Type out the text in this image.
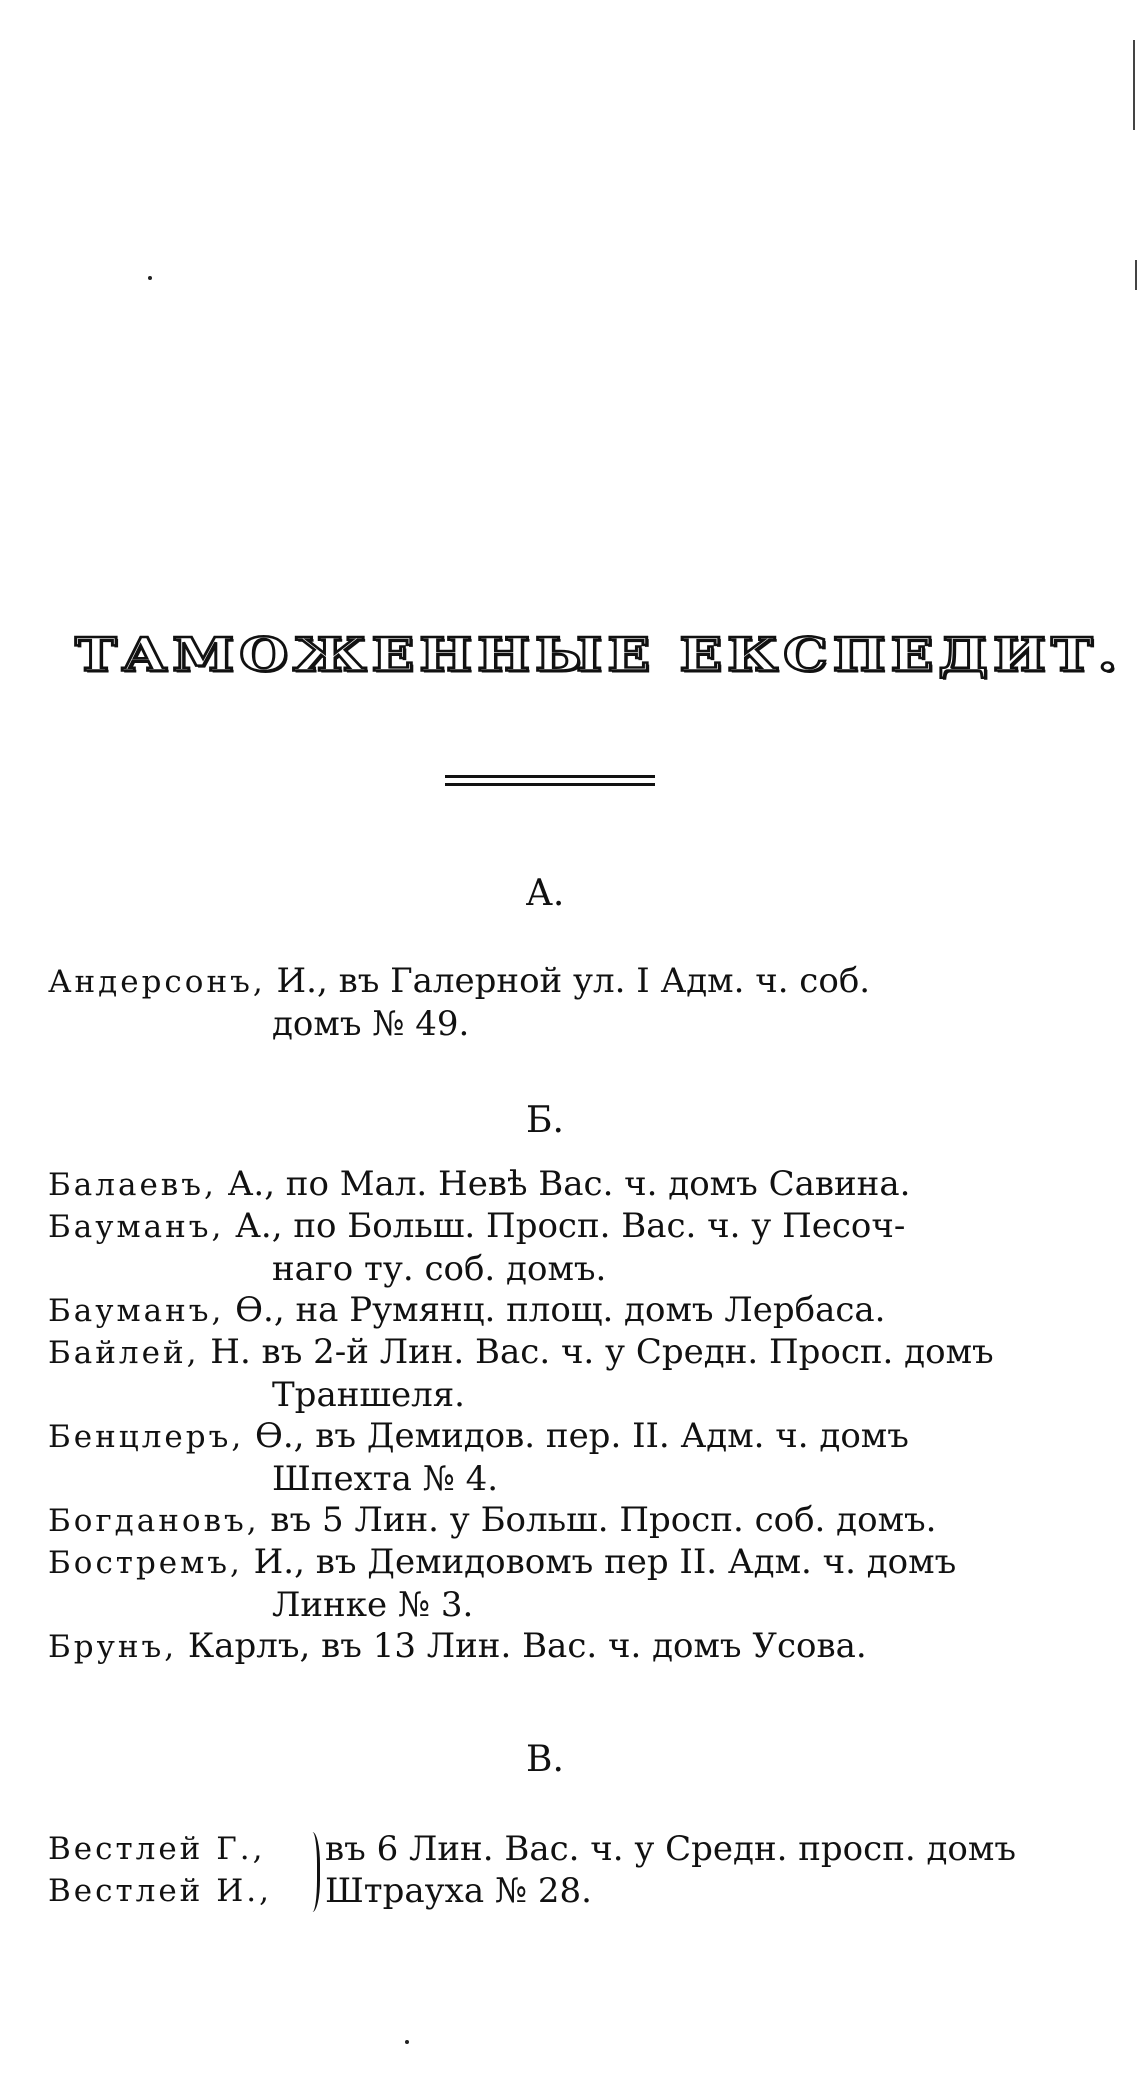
ТАМОЖЕННЫЕ ЕКСПЕДИТ.
А.
Андерсонъ, И., въ Галерной ул. I Адм. ч. соб.
домъ № 49.
Б.
Балаевъ, А., по Мал. Невѣ Вас. ч. домъ Савина.
Бауманъ, А., по Больш. Просп. Вас. ч. у Песоч-
наго ту. соб. домъ.
Бауманъ, Ѳ., на Румянц. площ. домъ Лербаса.
Байлей, Н. въ 2-й Лин. Вас. ч. у Средн. Просп. домъ
Траншеля.
Бенцлеръ, Ѳ., въ Демидов. пер. II. Адм. ч. домъ
Шпехта № 4.
Богдановъ, въ 5 Лин. у Больш. Просп. соб. домъ.
Бостремъ, И., въ Демидовомъ пер II. Адм. ч. домъ
Линке № 3.
Брунъ, Карлъ, въ 13 Лин. Вас. ч. домъ Усова.
В.
Вестлей Г.,
Вестлей И.,
въ 6 Лин. Вас. ч. у Средн. просп. домъ
Штрауха № 28.
